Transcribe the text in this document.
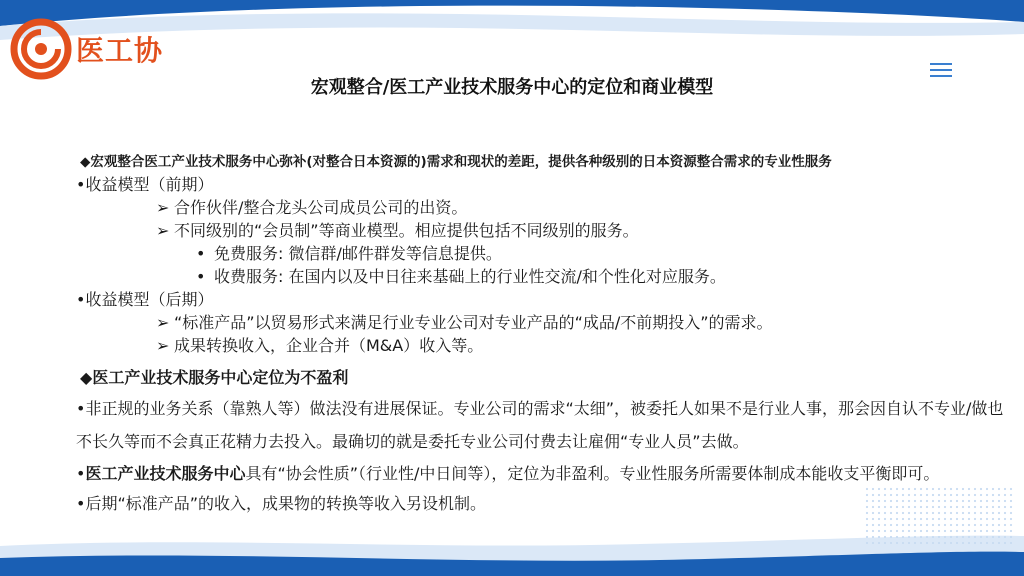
医工协
宏观整合/医工产业技术服务中心的定位和商业模型
◆宏观整合医工产业技术服务中心弥补(对整合日本资源的)需求和现状的差距，提供各种级别的日本资源整合需求的专业性服务
•收益模型（前期）
➢ 合作伙伴/整合龙头公司成员公司的出资。
➢ 不同级别的“会员制”等商业模型。相应提供包括不同级别的服务。
• 免费服务: 微信群/邮件群发等信息提供。
• 收费服务: 在国内以及中日往来基础上的行业性交流/和个性化对应服务。
•收益模型（后期）
➢ “标准产品”以贸易形式来满足行业专业公司对专业产品的“成品/不前期投入”的需求。
➢ 成果转换收入，企业合并（M&A）收入等。
◆医工产业技术服务中心定位为不盈利
•非正规的业务关系（靠熟人等）做法没有进展保证。专业公司的需求“太细”，被委托人如果不是行业人事，那会因自认不专业/做也
不长久等而不会真正花精力去投入。最确切的就是委托专业公司付费去让雇佣“专业人员”去做。
•医工产业技术服务中心具有“协会性质”（行业性/中日间等），定位为非盈利。专业性服务所需要体制成本能收支平衡即可。
•后期“标准产品”的收入，成果物的转换等收入另设机制。
